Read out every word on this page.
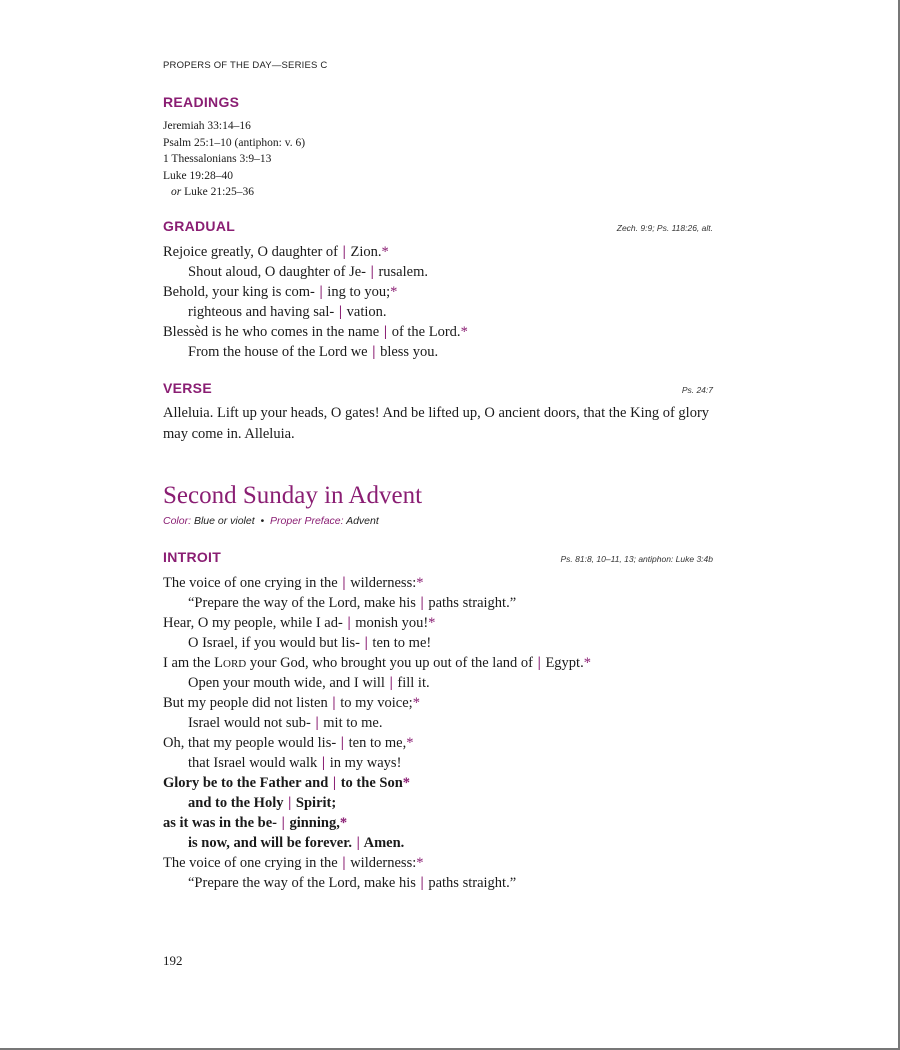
PROPERS OF THE DAY—SERIES C
READINGS
Jeremiah 33:14–16
Psalm 25:1–10 (antiphon: v. 6)
1 Thessalonians 3:9–13
Luke 19:28–40
or Luke 21:25–36
GRADUAL	Zech. 9:9; Ps. 118:26, alt.
Rejoice greatly, O daughter of | Zion.*
Shout aloud, O daughter of Je- | rusalem.
Behold, your king is com- | ing to you;*
righteous and having sal- | vation.
Blessèd is he who comes in the name | of the Lord.*
From the house of the Lord we | bless you.
VERSE	Ps. 24:7
Alleluia. Lift up your heads, O gates! And be lifted up, O ancient doors, that the King of glory may come in. Alleluia.
Second Sunday in Advent
Color: Blue or violet • Proper Preface: Advent
INTROIT	Ps. 81:8, 10–11, 13; antiphon: Luke 3:4b
The voice of one crying in the | wilderness:*
“Prepare the way of the Lord, make his | paths straight.”
Hear, O my people, while I ad- | monish you!*
O Israel, if you would but lis- | ten to me!
I am the LORD your God, who brought you up out of the land of | Egypt.*
Open your mouth wide, and I will | fill it.
But my people did not listen | to my voice;*
Israel would not sub- | mit to me.
Oh, that my people would lis- | ten to me,*
that Israel would walk | in my ways!
Glory be to the Father and | to the Son*
and to the Holy | Spirit;
as it was in the be- | ginning,*
is now, and will be forever. | Amen.
The voice of one crying in the | wilderness:*
“Prepare the way of the Lord, make his | paths straight.”
192
